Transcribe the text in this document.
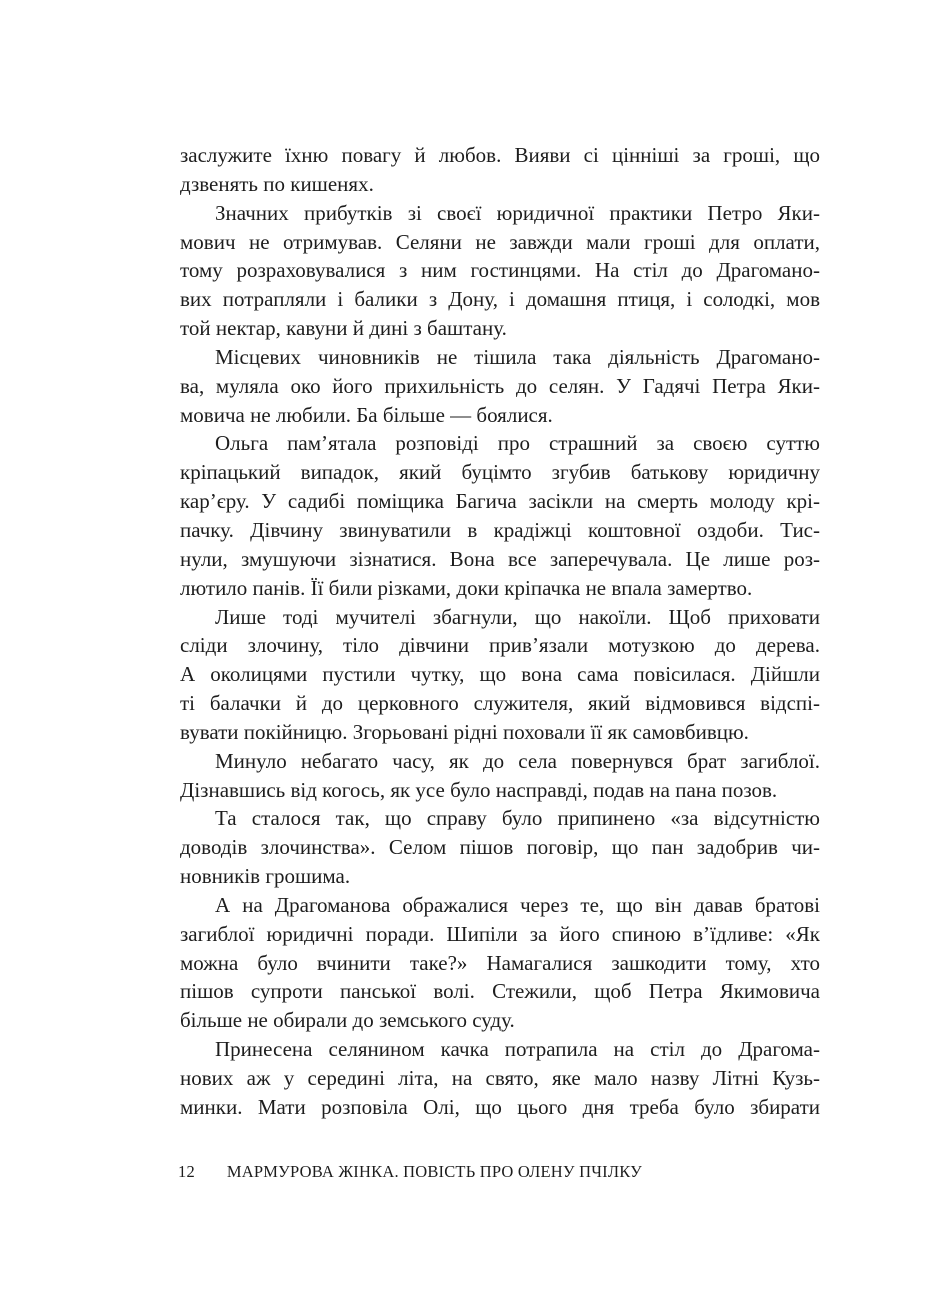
заслужите їхню повагу й любов. Вияви сі цінніші за гроші, що
дзвенять по кишенях.
Значних прибутків зі своєї юридичної практики Петро Яки-
мович не отримував. Селяни не завжди мали гроші для оплати,
тому розраховувалися з ним гостинцями. На стіл до Драгомано-
вих потрапляли і балики з Дону, і домашня птиця, і солодкі, мов
той нектар, кавуни й дині з баштану.
Місцевих чиновників не тішила така діяльність Драгомано-
ва, муляла око його прихильність до селян. У Гадячі Петра Яки-
мовича не любили. Ба більше — боялися.
Ольга пам’ятала розповіді про страшний за своєю суттю
кріпацький випадок, який буцімто згубив батькову юридичну
кар’єру. У садибі поміщика Багича засікли на смерть молоду крі-
пачку. Дівчину звинуватили в крадіжці коштовної оздоби. Тис-
нули, змушуючи зізнатися. Вона все заперечувала. Це лише роз-
лютило панів. Її били різками, доки кріпачка не впала замертво.
Лише тоді мучителі збагнули, що накоїли. Щоб приховати
сліди злочину, тіло дівчини прив’язали мотузкою до дерева.
А околицями пустили чутку, що вона сама повісилася. Дійшли
ті балачки й до церковного служителя, який відмовився відспі-
вувати покійницю. Згорьовані рідні поховали її як самовбивцю.
Минуло небагато часу, як до села повернувся брат загиблої.
Дізнавшись від когось, як усе було насправді, подав на пана позов.
Та сталося так, що справу було припинено «за відсутністю
доводів злочинства». Селом пішов поговір, що пан задобрив чи-
новників грошима.
А на Драгоманова ображалися через те, що він давав братові
загиблої юридичні поради. Шипіли за його спиною в’їдливе: «Як
можна було вчинити таке?» Намагалися зашкодити тому, хто
пішов супроти панської волі. Стежили, щоб Петра Якимовича
більше не обирали до земського суду.
Принесена селянином качка потрапила на стіл до Драгома-
нових аж у середині літа, на свято, яке мало назву Літні Кузь-
минки. Мати розповіла Олі, що цього дня треба було збирати
12 МАРМУРОВА ЖІНКА. ПОВІСТЬ ПРО ОЛЕНУ ПЧІЛКУ
